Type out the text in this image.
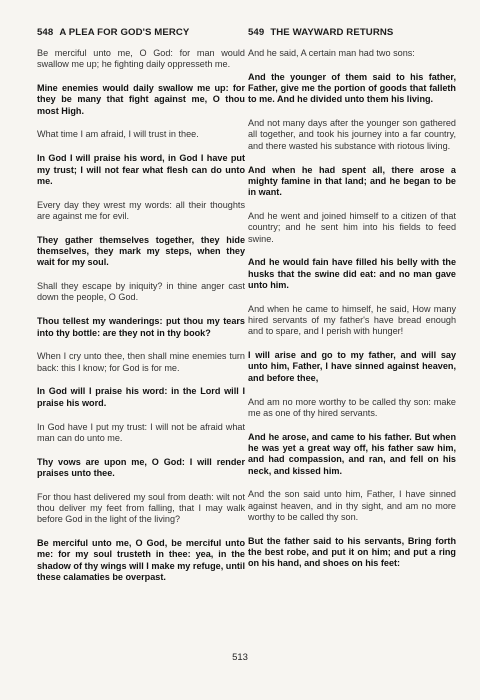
548 A PLEA FOR GOD'S MERCY

Be merciful unto me, O God: for man would swallow me up; he fighting daily oppresseth me.

Mine enemies would daily swallow me up: for they be many that fight against me, O thou most High.

What time I am afraid, I will trust in thee.

In God I will praise his word, in God I have put my trust; I will not fear what flesh can do unto me.

Every day they wrest my words: all their thoughts are against me for evil.

They gather themselves together, they hide themselves, they mark my steps, when they wait for my soul.

Shall they escape by iniquity? in thine anger cast down the people, O God.

Thou tellest my wanderings: put thou my tears into thy bottle: are they not in thy book?

When I cry unto thee, then shall mine enemies turn back: this I know; for God is for me.

In God will I praise his word: in the Lord will I praise his word.

In God have I put my trust: I will not be afraid what man can do unto me.

Thy vows are upon me, O God: I will render praises unto thee.

For thou hast delivered my soul from death: wilt not thou deliver my feet from falling, that I may walk before God in the light of the living?

Be merciful unto me, O God, be merciful unto me: for my soul trusteth in thee: yea, in the shadow of thy wings will I make my refuge, until these calamaties be overpast.

549 THE WAYWARD RETURNS

And he said, A certain man had two sons:

And the younger of them said to his father, Father, give me the portion of goods that falleth to me. And he divided unto them his living.

And not many days after the younger son gathered all together, and took his journey into a far country, and there wasted his substance with riotous living.

And when he had spent all, there arose a mighty famine in that land; and he began to be in want.

And he went and joined himself to a citizen of that country; and he sent him into his fields to feed swine.

And he would fain have filled his belly with the husks that the swine did eat: and no man gave unto him.

And when he came to himself, he said, How many hired servants of my father's have bread enough and to spare, and I perish with hunger!

I will arise and go to my father, and will say unto him, Father, I have sinned against heaven, and before thee,

And am no more worthy to be called thy son: make me as one of thy hired servants.

And he arose, and came to his father. But when he was yet a great way off, his father saw him, and had compassion, and ran, and fell on his neck, and kissed him.

And the son said unto him, Father, I have sinned against heaven, and in thy sight, and am no more worthy to be called thy son.

But the father said to his servants, Bring forth the best robe, and put it on him; and put a ring on his hand, and shoes on his feet:

513
